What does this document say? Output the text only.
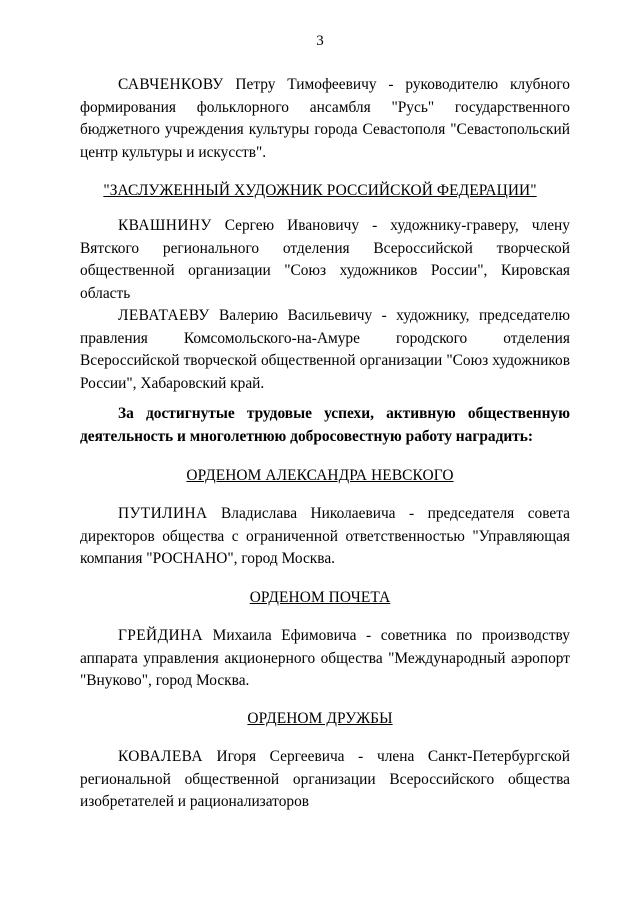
3

САВЧЕНКОВУ Петру Тимофеевичу - руководителю клубного формирования фольклорного ансамбля "Русь" государственного бюджетного учреждения культуры города Севастополя "Севастопольский центр культуры и искусств".

"ЗАСЛУЖЕННЫЙ ХУДОЖНИК РОССИЙСКОЙ ФЕДЕРАЦИИ"

КВАШНИНУ Сергею Ивановичу - художнику-граверу, члену Вятского регионального отделения Всероссийской творческой общественной организации "Союз художников России", Кировская область

ЛЕВАТАЕВУ Валерию Васильевичу - художнику, председателю правления Комсомольского-на-Амуре городского отделения Всероссийской творческой общественной организации "Союз художников России", Хабаровский край.

За достигнутые трудовые успехи, активную общественную деятельность и многолетнюю добросовестную работу наградить:

ОРДЕНОМ АЛЕКСАНДРА НЕВСКОГО

ПУТИЛИНА Владислава Николаевича - председателя совета директоров общества с ограниченной ответственностью "Управляющая компания "РОСНАНО", город Москва.

ОРДЕНОМ ПОЧЕТА

ГРЕЙДИНА Михаила Ефимовича - советника по производству аппарата управления акционерного общества "Международный аэропорт "Внуково", город Москва.

ОРДЕНОМ ДРУЖБЫ

КОВАЛЕВА Игоря Сергеевича - члена Санкт-Петербургской региональной общественной организации Всероссийского общества изобретателей и рационализаторов
